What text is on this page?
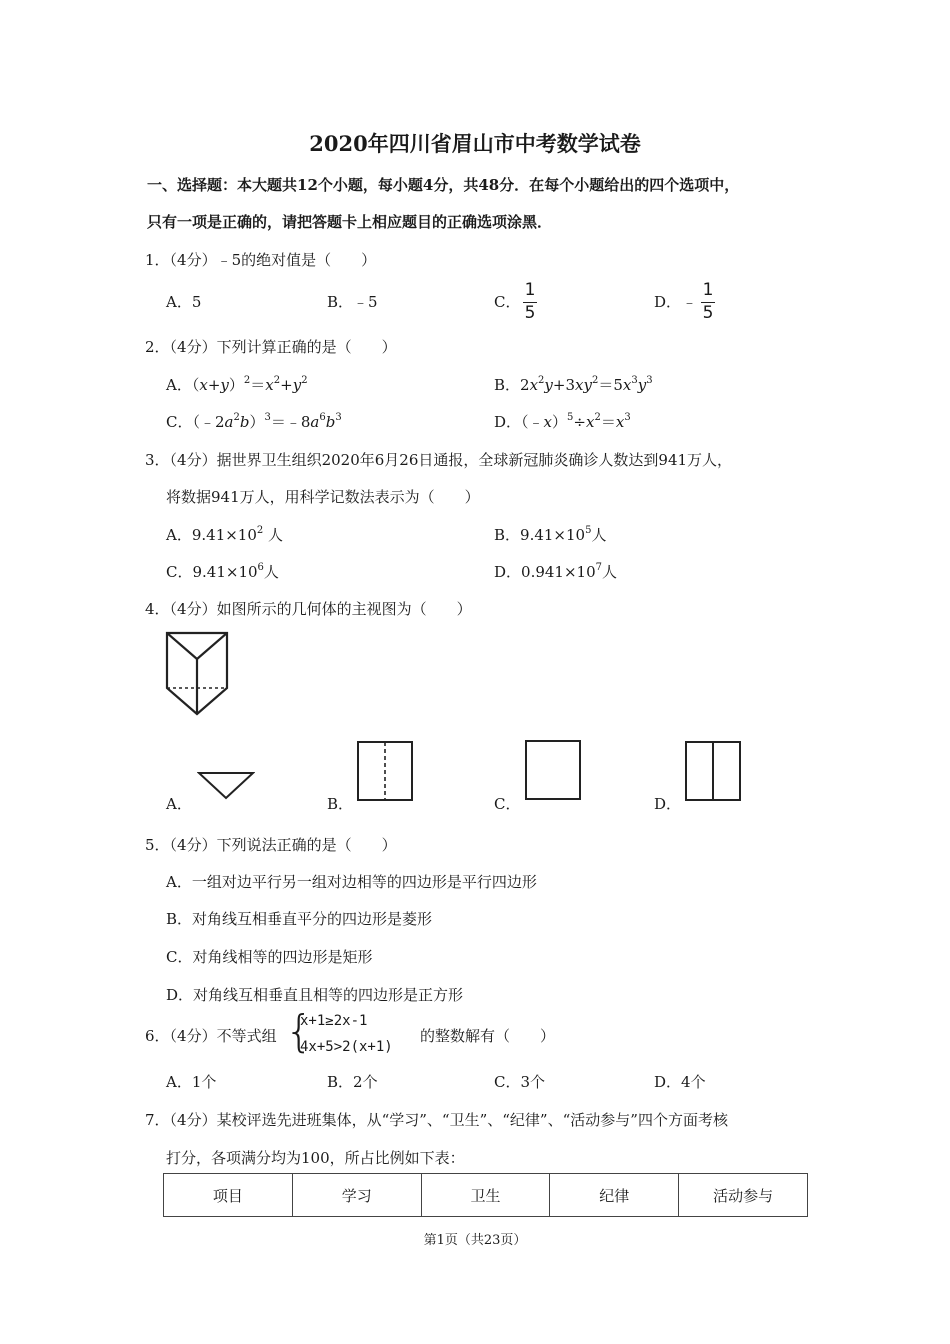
2020年四川省眉山市中考数学试卷
一、选择题：本大题共12个小题，每小题4分，共48分．在每个小题给出的四个选项中，
只有一项是正确的，请把答题卡上相应题目的正确选项涂黑．
1．（4分）﹣5的绝对值是（　　）
A．5	B．﹣5	C．
1
5
D． ﹣
1
5
2．（4分）下列计算正确的是（　　）
A．$(x+y)^2=x^2+y^2$	B．$2x^2y+3xy^2=5x^3y^3$
C．$(﹣2a^2b)^3=﹣8a^6b^3$	D．$(﹣x)^5\div x^2=x^3$
3．（4分）据世界卫生组织2020年6月26日通报，全球新冠肺炎确诊人数达到941万人，
将数据941万人，用科学记数法表示为（　　）
A．$9.41\times 10^2$ 人	B．$9.41\times 10^5$人
C．$9.41\times 10^6$人	D．$0.941\times 10^7$人
4．（4分）如图所示的几何体的主视图为（　　）
A．	B．	C．	D．
5．（4分）下列说法正确的是（　　）
A．一组对边平行另一组对边相等的四边形是平行四边形
B．对角线互相垂直平分的四边形是菱形
C．对角线相等的四边形是矩形
D．对角线互相垂直且相等的四边形是正方形
6．（4分）不等式组 {
x+1≥2x-1
4x+5>2(x+1)
的整数解有（　　）
A．1个	B．2个	C．3个	D．4个
7．（4分）某校评选先进班集体，从“学习”、“卫生”、“纪律”、“活动参与”四个方面考核
打分，各项满分均为100，所占比例如下表：
项目	学习	卫生	纪律	活动参与
第1页（共23页）
